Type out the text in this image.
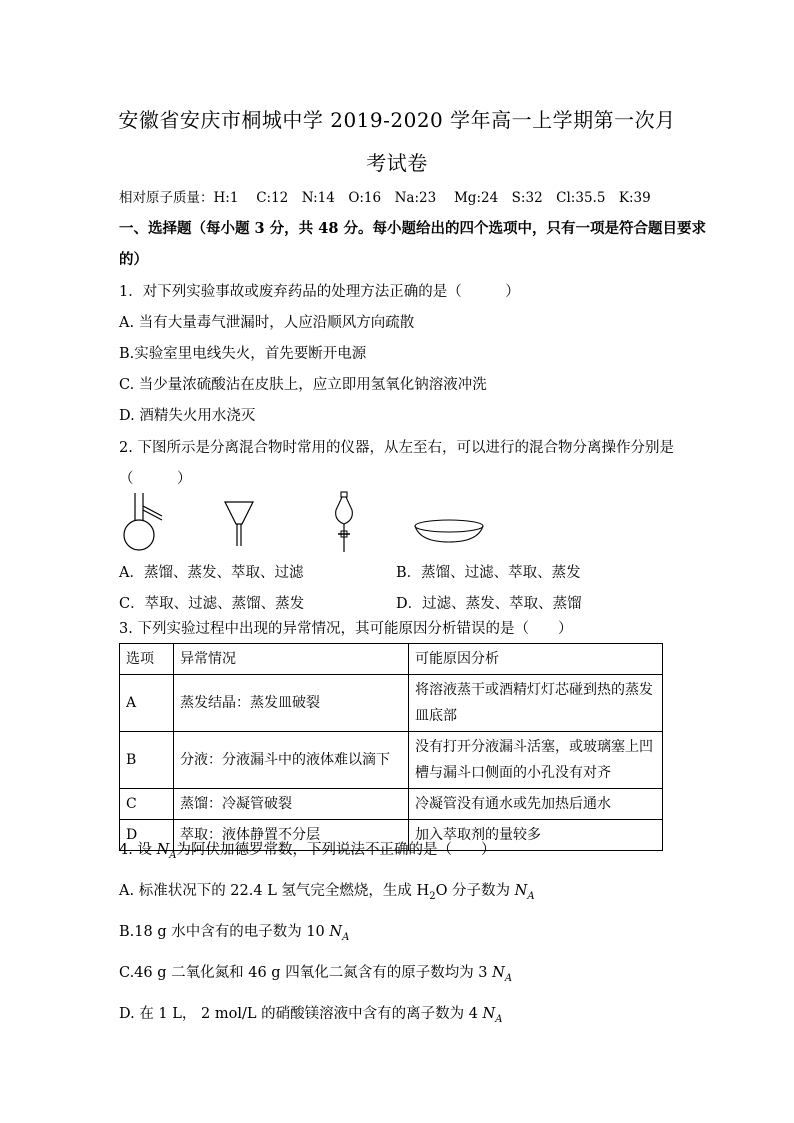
安徽省安庆市桐城中学 2019-2020 学年高一上学期第一次月
考试卷
相对原子质量：H:1　 C:12　N:14　O:16　Na:23　 Mg:24　S:32　Cl:35.5　K:39
一、选择题（每小题 3 分，共 48 分。每小题给出的四个选项中，只有一项是符合题目要求
的）
1．对下列实验事故或废弃药品的处理方法正确的是（　　　）
A. 当有大量毒气泄漏时，人应沿顺风方向疏散
B.实验室里电线失火，首先要断开电源
C. 当少量浓硫酸沾在皮肤上，应立即用氢氧化钠溶液冲洗
D. 酒精失火用水浇灭
2. 下图所示是分离混合物时常用的仪器，从左至右，可以进行的混合物分离操作分别是
（　　　）
A．蒸馏、蒸发、萃取、过滤	B．蒸馏、过滤、萃取、蒸发
C．萃取、过滤、蒸馏、蒸发	D．过滤、蒸发、萃取、蒸馏
3. 下列实验过程中出现的异常情况，其可能原因分析错误的是（　　）
选项	异常情况	可能原因分析
A	蒸发结晶：蒸发皿破裂	将溶液蒸干或酒精灯灯芯碰到热的蒸发
皿底部
B	分液：分液漏斗中的液体难以滴下	没有打开分液漏斗活塞，或玻璃塞上凹
槽与漏斗口侧面的小孔没有对齐
C	蒸馏：冷凝管破裂	冷凝管没有通水或先加热后通水
D	萃取：液体静置不分层	加入萃取剂的量较多
4. 设 $N_A$为阿伏加德罗常数，下列说法不正确的是（　　）
A. 标准状况下的 22.4 L 氢气完全燃烧，生成 $H_2O$ 分子数为 $N_A$
B.18 g 水中含有的电子数为 10 $N_A$
C.46 g 二氧化氮和 46 g 四氧化二氮含有的原子数均为 3 $N_A$
D. 在 1 L， 2 mol/L 的硝酸镁溶液中含有的离子数为 4 $N_A$
